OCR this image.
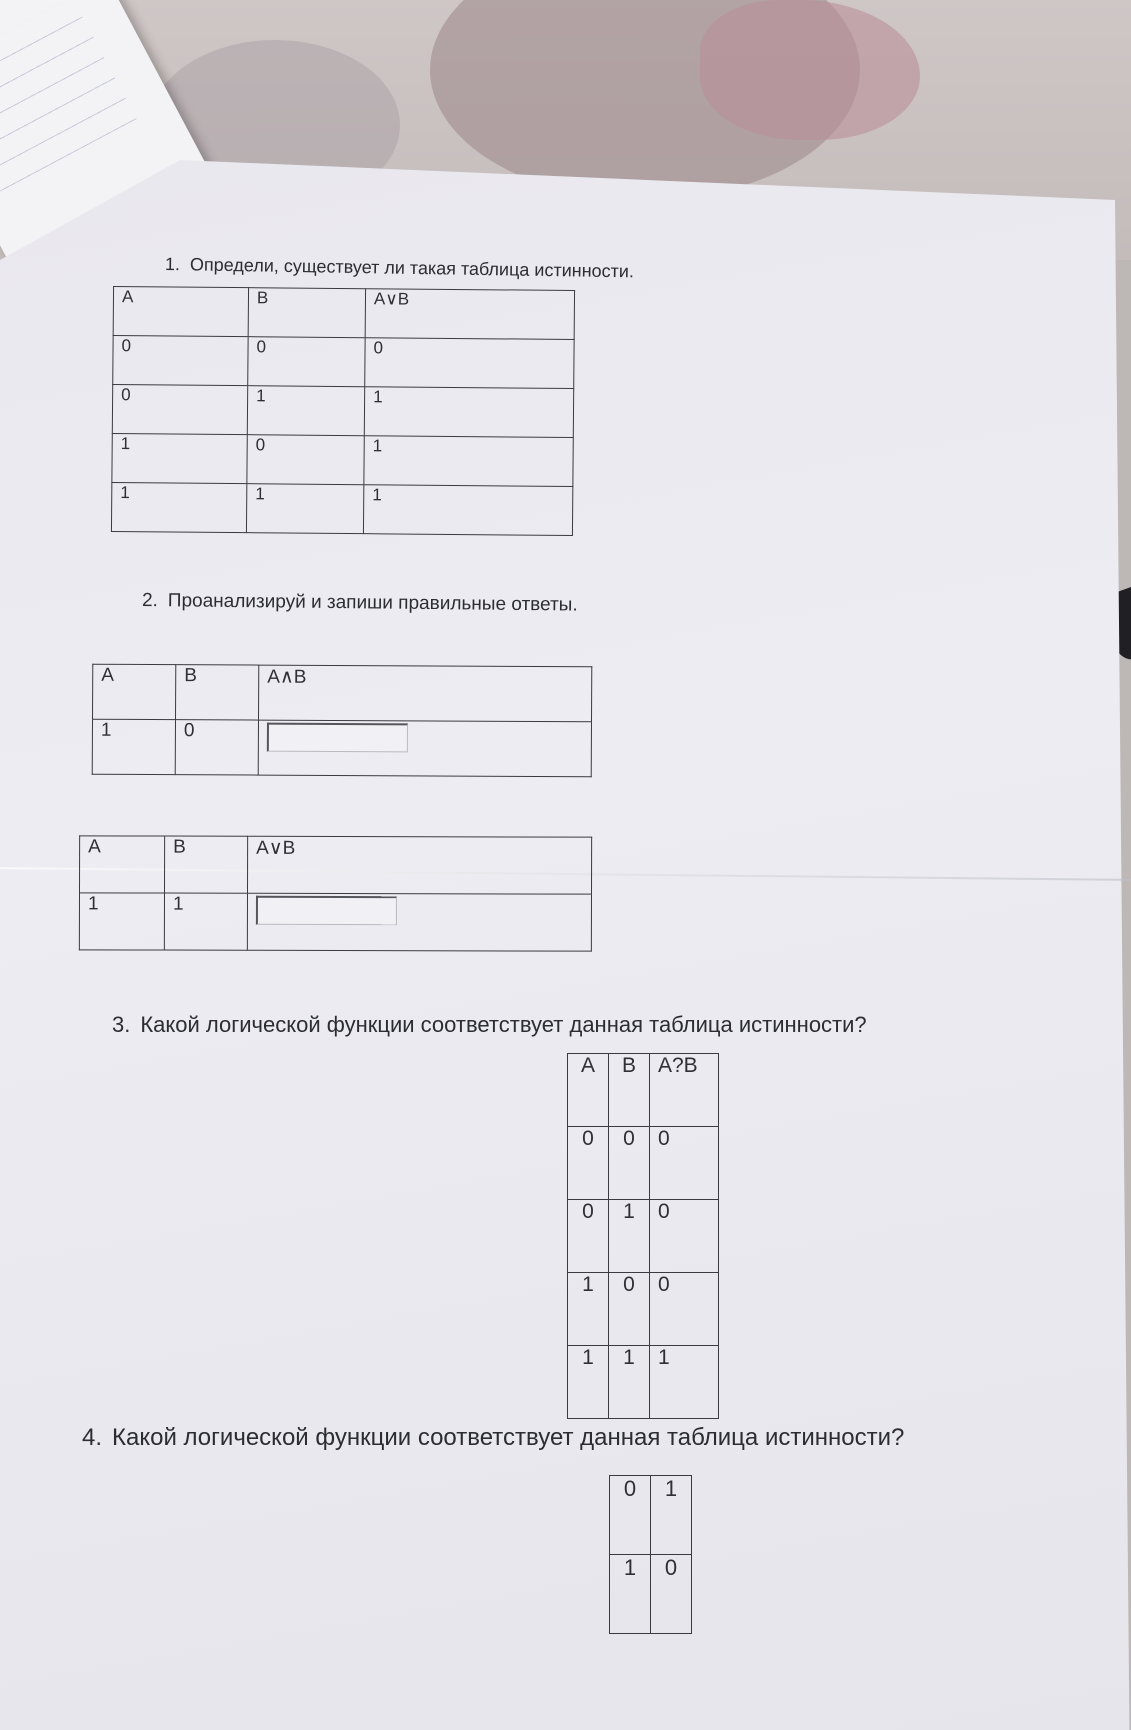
1. Определи, существует ли такая таблица истинности.
A	B	A∨B
0	0	0
0	1	1
1	0	1
1	1	1
2. Проанализируй и запиши правильные ответы.
A	B	A∧B
1	0	
A	B	A∨B
1	1	
3. Какой логической функции соответствует данная таблица истинности?
A	B	A?B
0	0	0
0	1	0
1	0	0
1	1	1
4. Какой логической функции соответствует данная таблица истинности?
0	1
1	0
